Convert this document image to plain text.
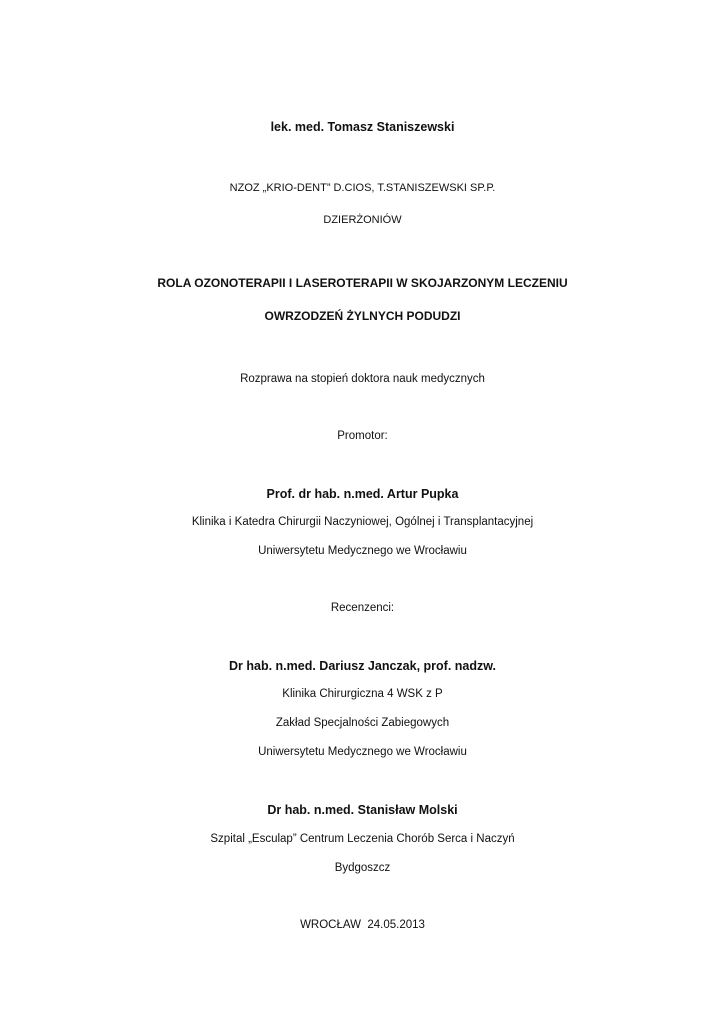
lek. med. Tomasz Staniszewski
NZOZ „KRIO-DENT” D.CIOS, T.STANISZEWSKI SP.P.
DZIERŻONIÓW
ROLA OZONOTERAPII I LASEROTERAPII W SKOJARZONYM LECZENIU
OWRZODZEŃ ŻYLNYCH PODUDZI
Rozprawa na stopień doktora nauk medycznych
Promotor:
Prof. dr hab. n.med. Artur Pupka
Klinika i Katedra Chirurgii Naczyniowej, Ogólnej i Transplantacyjnej
Uniwersytetu Medycznego we Wrocławiu
Recenzenci:
Dr hab. n.med. Dariusz Janczak, prof. nadzw.
Klinika Chirurgiczna 4 WSK z P
Zakład Specjalności Zabiegowych
Uniwersytetu Medycznego we Wrocławiu
Dr hab. n.med. Stanisław Molski
Szpital „Esculap” Centrum Leczenia Chorób Serca i Naczyń
Bydgoszcz
WROCŁAW  24.05.2013
